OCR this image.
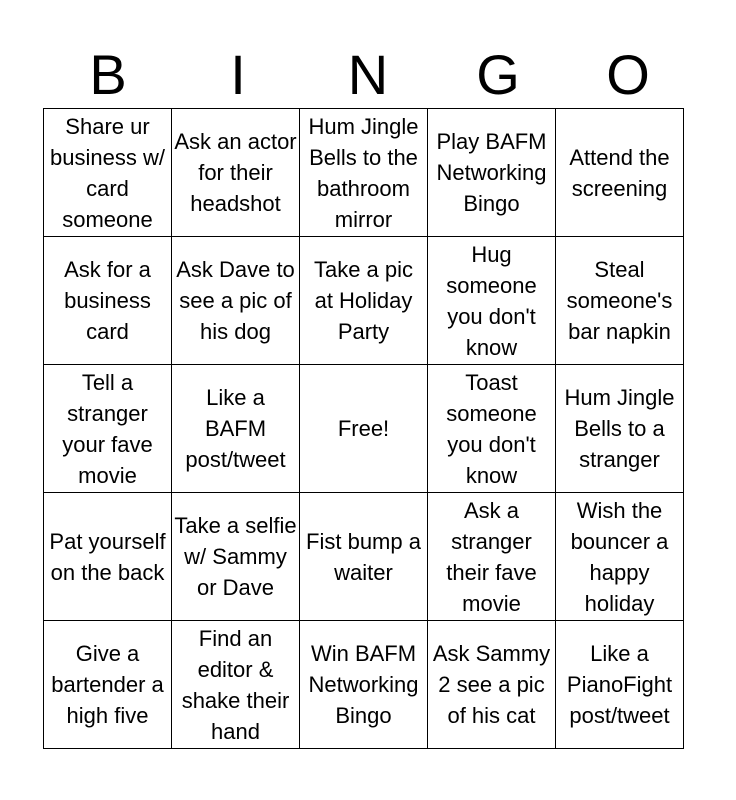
B	I	N	G	O
Share ur business w/ card someone	Ask an actor for their headshot	Hum Jingle Bells to the bathroom mirror	Play BAFM Networking Bingo	Attend the screening
Ask for a business card	Ask Dave to see a pic of his dog	Take a pic at Holiday Party	Hug someone you don't know	Steal someone's bar napkin
Tell a stranger your fave movie	Like a BAFM post/tweet	Free!	Toast someone you don't know	Hum Jingle Bells to a stranger
Pat yourself on the back	Take a selfie w/ Sammy or Dave	Fist bump a waiter	Ask a stranger their fave movie	Wish the bouncer a happy holiday
Give a bartender a high five	Find an editor & shake their hand	Win BAFM Networking Bingo	Ask Sammy 2 see a pic of his cat	Like a PianoFight post/tweet
